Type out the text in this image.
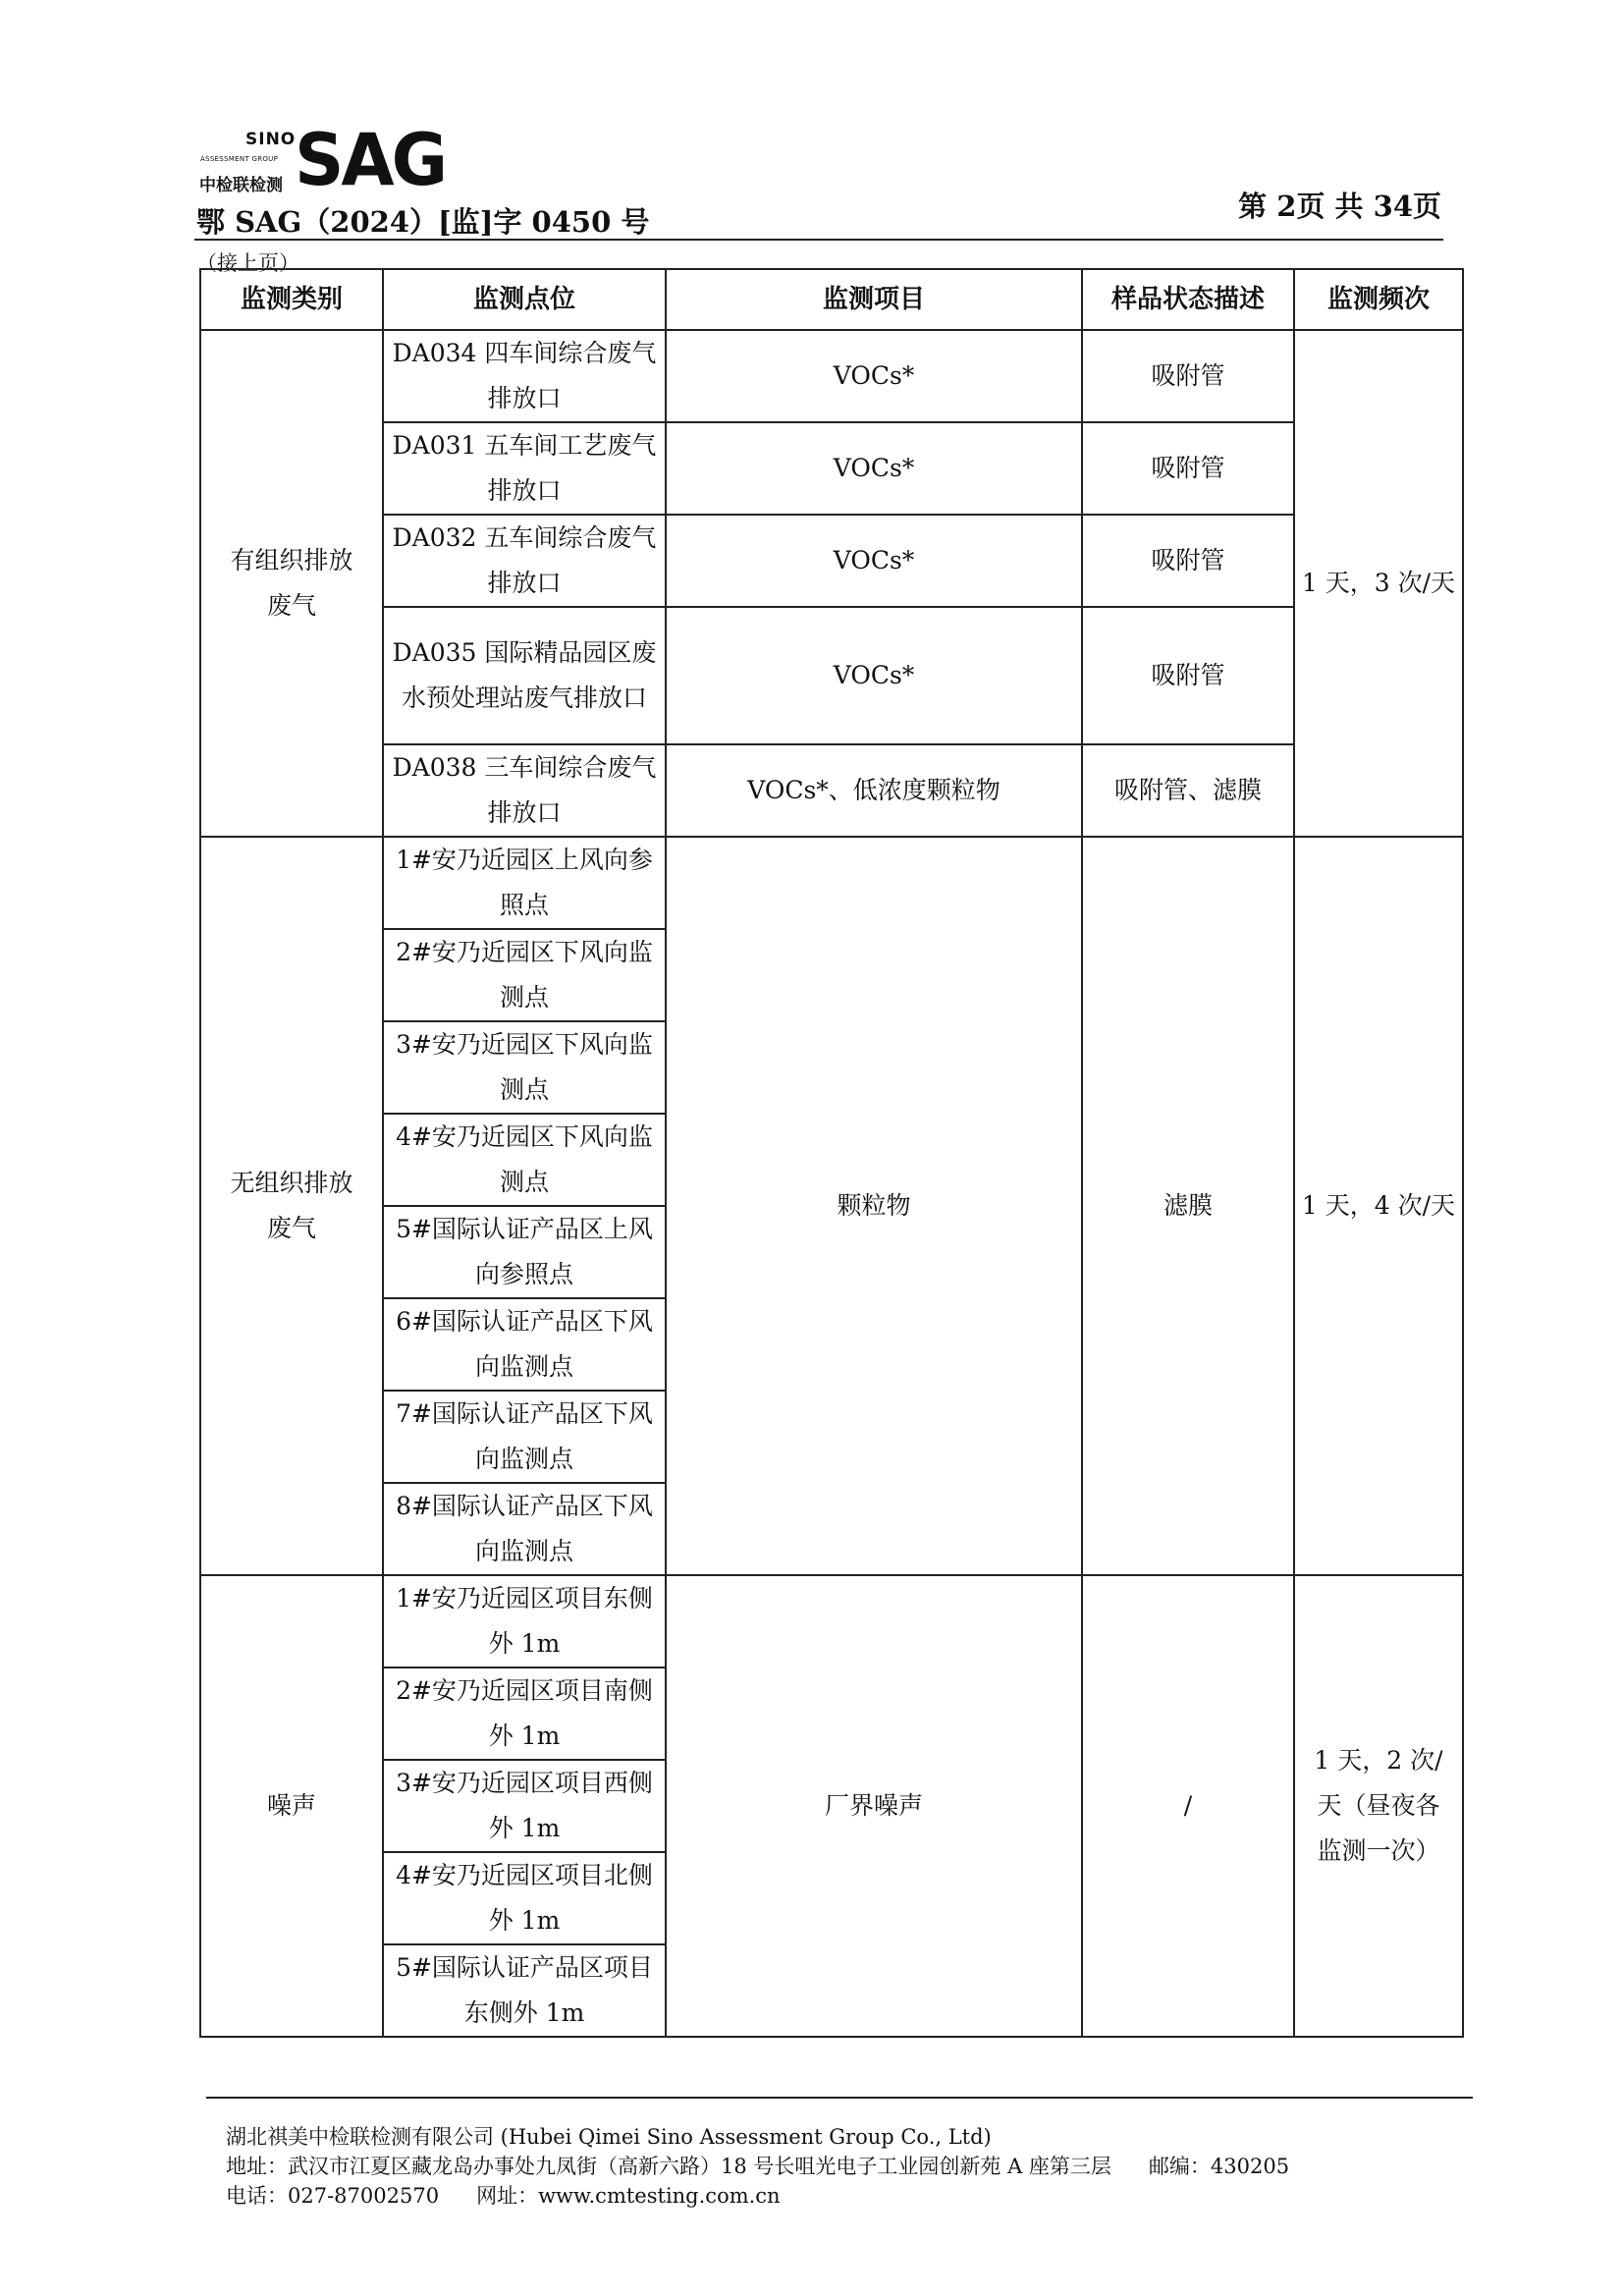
SINO
ASSESSMENT GROUP
中检联检测 SAG
鄂 SAG（2024）[监]字 0450 号	第 2页 共 34页
（接上页）
监测类别	监测点位	监测项目	样品状态描述	监测频次
有组织排放废气	DA034 四车间综合废气排放口	VOCs*	吸附管	1 天，3 次/天
	DA031 五车间工艺废气排放口	VOCs*	吸附管	
	DA032 五车间综合废气排放口	VOCs*	吸附管	
	DA035 国际精品园区废水预处理站废气排放口	VOCs*	吸附管	
	DA038 三车间综合废气排放口	VOCs*、低浓度颗粒物	吸附管、滤膜	
无组织排放废气	1#安乃近园区上风向参照点	颗粒物	滤膜	1 天，4 次/天
	2#安乃近园区下风向监测点			
	3#安乃近园区下风向监测点			
	4#安乃近园区下风向监测点			
	5#国际认证产品区上风向参照点			
	6#国际认证产品区下风向监测点			
	7#国际认证产品区下风向监测点			
	8#国际认证产品区下风向监测点			
噪声	1#安乃近园区项目东侧外 1m	厂界噪声	/	1 天，2 次/天（昼夜各监测一次）
	2#安乃近园区项目南侧外 1m			
	3#安乃近园区项目西侧外 1m			
	4#安乃近园区项目北侧外 1m			
	5#国际认证产品区项目东侧外 1m			
湖北祺美中检联检测有限公司 (Hubei Qimei Sino Assessment Group Co., Ltd)
地址：武汉市江夏区藏龙岛办事处九凤街（高新六路）18 号长咀光电子工业园创新苑 A 座第三层 邮编：430205
电话：027-87002570 网址：www.cmtesting.com.cn
